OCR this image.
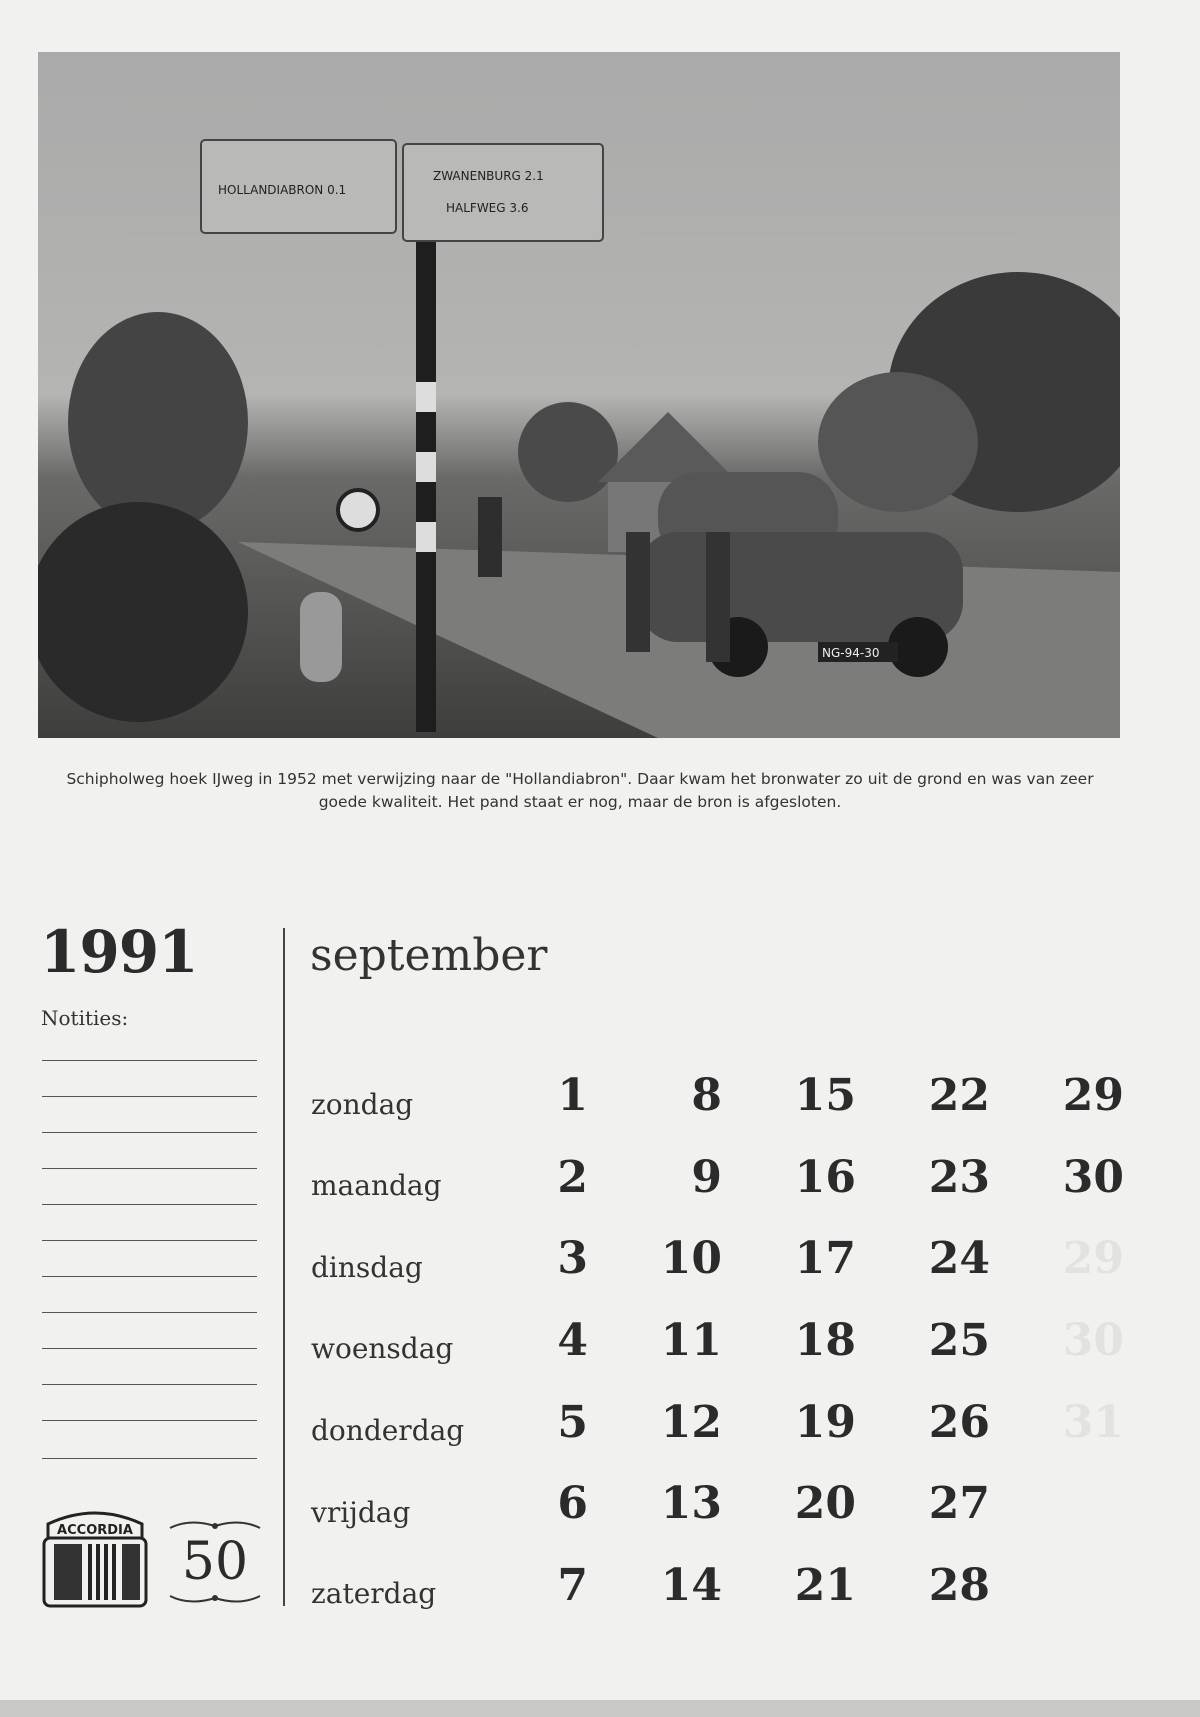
HOLLANDIABRON 0.1
ZWANENBURG 2.1
HALFWEG 3.6
NG-94-30
Schipholweg hoek IJweg in 1952 met verwijzing naar de "Hollandiabron". Daar kwam het bronwater zo uit de grond en was van zeer goede kwaliteit. Het pand staat er nog, maar de bron is afgesloten.
1991
Notities:
september
zondag
maandag
dinsdag
woensdag
donderdag
vrijdag
zaterdag
1
2
3
4
5
6
7
8
9
10
11
12
13
14
15
16
17
18
19
20
21
22
23
24
25
26
27
28
29
30
29
30
31
ACCORDIA
50
